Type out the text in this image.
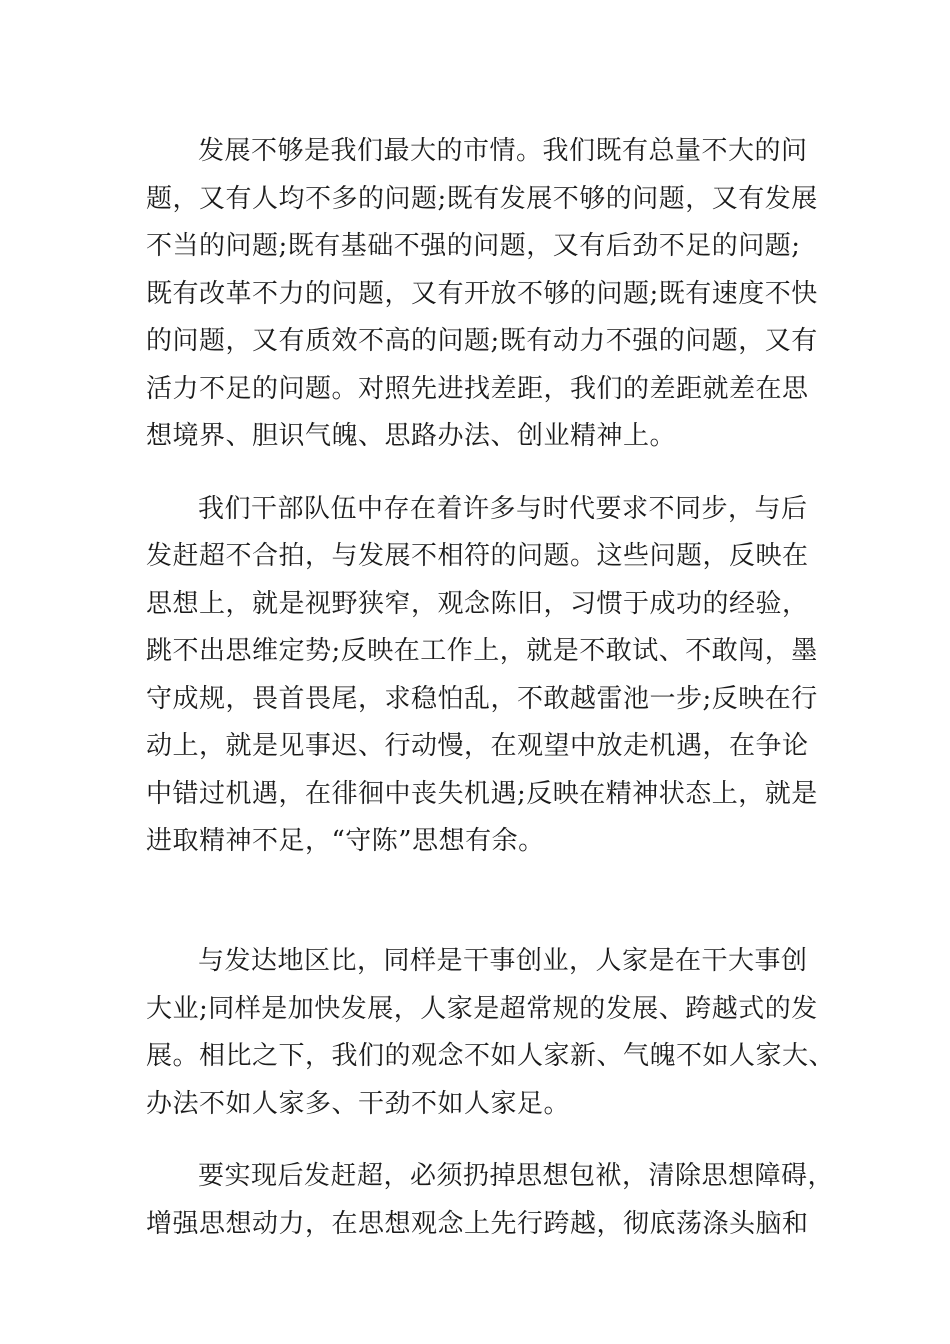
发展不够是我们最大的市情。我们既有总量不大的问
题，又有人均不多的问题;既有发展不够的问题，又有发展
不当的问题;既有基础不强的问题，又有后劲不足的问题;
既有改革不力的问题，又有开放不够的问题;既有速度不快
的问题，又有质效不高的问题;既有动力不强的问题，又有
活力不足的问题。对照先进找差距，我们的差距就差在思
想境界、胆识气魄、思路办法、创业精神上。
我们干部队伍中存在着许多与时代要求不同步，与后
发赶超不合拍，与发展不相符的问题。这些问题，反映在
思想上，就是视野狭窄，观念陈旧，习惯于成功的经验，
跳不出思维定势;反映在工作上，就是不敢试、不敢闯，墨
守成规，畏首畏尾，求稳怕乱，不敢越雷池一步;反映在行
动上，就是见事迟、行动慢，在观望中放走机遇，在争论
中错过机遇，在徘徊中丧失机遇;反映在精神状态上，就是
进取精神不足，“守陈”思想有余。
与发达地区比，同样是干事创业，人家是在干大事创
大业;同样是加快发展，人家是超常规的发展、跨越式的发
展。相比之下，我们的观念不如人家新、气魄不如人家大、
办法不如人家多、干劲不如人家足。
要实现后发赶超，必须扔掉思想包袱，清除思想障碍，
增强思想动力，在思想观念上先行跨越，彻底荡涤头脑和
